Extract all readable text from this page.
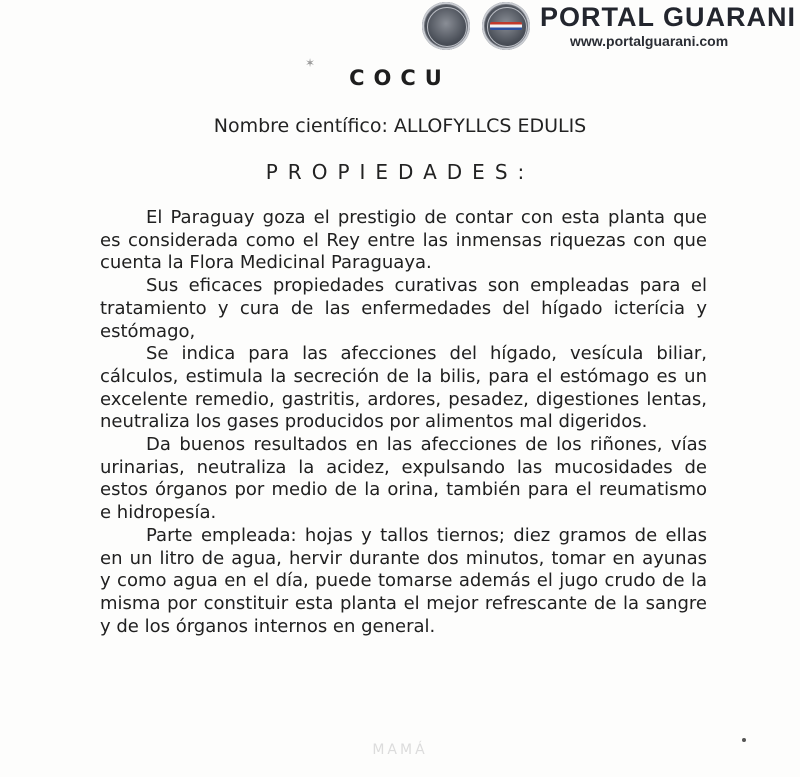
PORTAL GUARANI
www.portalguarani.com
✶
COCU
Nombre científico: ALLOFYLLCS EDULIS
PROPIEDADES:

El Paraguay goza el prestigio de contar con esta planta que es considerada como el Rey entre las inmensas riquezas con que cuenta la Flora Medicinal Paraguaya.

Sus eficaces propiedades curativas son empleadas para el tratamiento y cura de las enfermedades del hígado icterícia y estómago,

Se indica para las afecciones del hígado, vesícula biliar, cálculos, estimula la secreción de la bilis, para el estómago es un excelente remedio, gastritis, ardores, pesadez, digestiones lentas, neutraliza los gases producidos por alimentos mal digeridos.

Da buenos resultados en las afecciones de los riñones, vías urinarias, neutraliza la acidez, expulsando las mucosidades de estos órganos por medio de la orina, también para el reumatismo e hidropesía.

Parte empleada: hojas y tallos tiernos; diez gramos de ellas en un litro de agua, hervir durante dos minutos, tomar en ayunas y como agua en el día, puede tomarse además el jugo crudo de la misma por constituir esta planta el mejor refrescante de la sangre y de los órganos internos en general.

MAMÁ
